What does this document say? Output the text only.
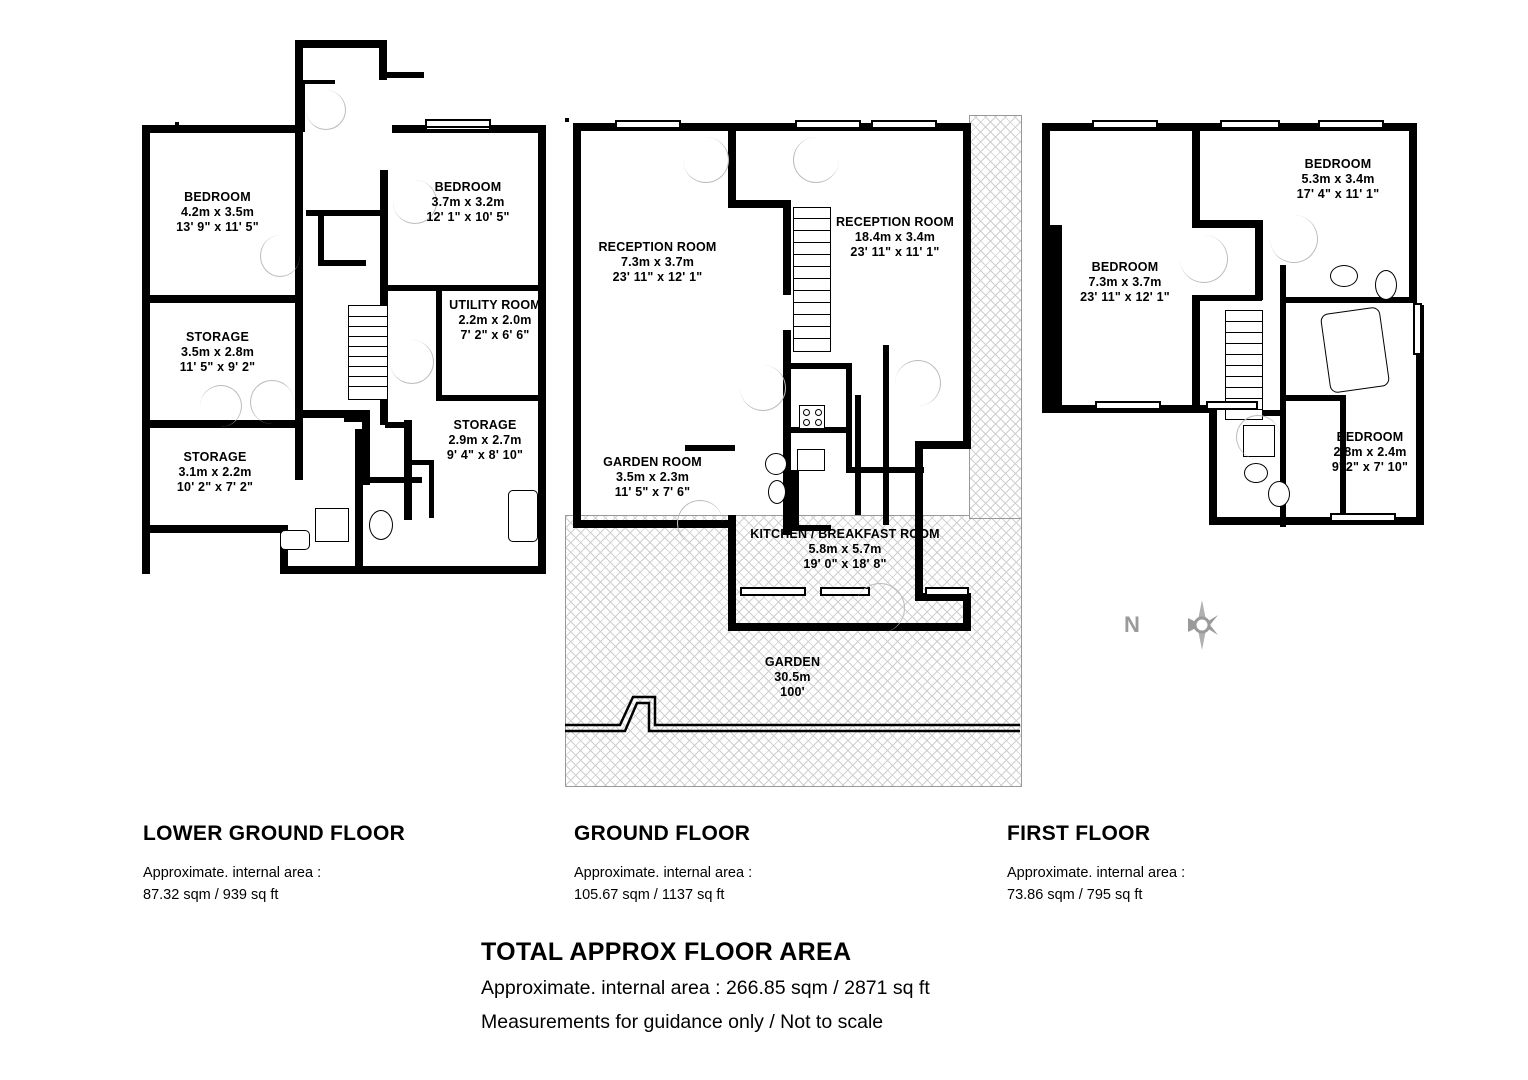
BEDROOM
4.2m x 3.5m
13' 9" x 11' 5"
BEDROOM
3.7m x 3.2m
12' 1" x 10' 5"
UTILITY ROOM
2.2m x 2.0m
7' 2" x 6' 6"
STORAGE
3.5m x 2.8m
11' 5" x 9' 2"
STORAGE
2.9m x 2.7m
9' 4" x 8' 10"
STORAGE
3.1m x 2.2m
10' 2" x 7' 2"
RECEPTION ROOM
7.3m x 3.7m
23' 11" x 12' 1"
RECEPTION ROOM
18.4m x 3.4m
23' 11" x 11' 1"
GARDEN ROOM
3.5m x 2.3m
11' 5" x 7' 6"
KITCHEN / BREAKFAST ROOM
5.8m x 5.7m
19' 0" x 18' 8"
GARDEN
30.5m
100'
BEDROOM
5.3m x 3.4m
17' 4" x 11' 1"
BEDROOM
7.3m x 3.7m
23' 11" x 12' 1"
BEDROOM
2.8m x 2.4m
9' 2" x 7' 10"
N
LOWER GROUND FLOOR
Approximate. internal area :
87.32 sqm / 939 sq ft
GROUND FLOOR
Approximate. internal area :
105.67 sqm / 1137 sq ft
FIRST FLOOR
Approximate. internal area :
73.86 sqm / 795 sq ft
TOTAL APPROX FLOOR AREA
Approximate. internal area : 266.85 sqm / 2871 sq ft
Measurements for guidance only / Not to scale
